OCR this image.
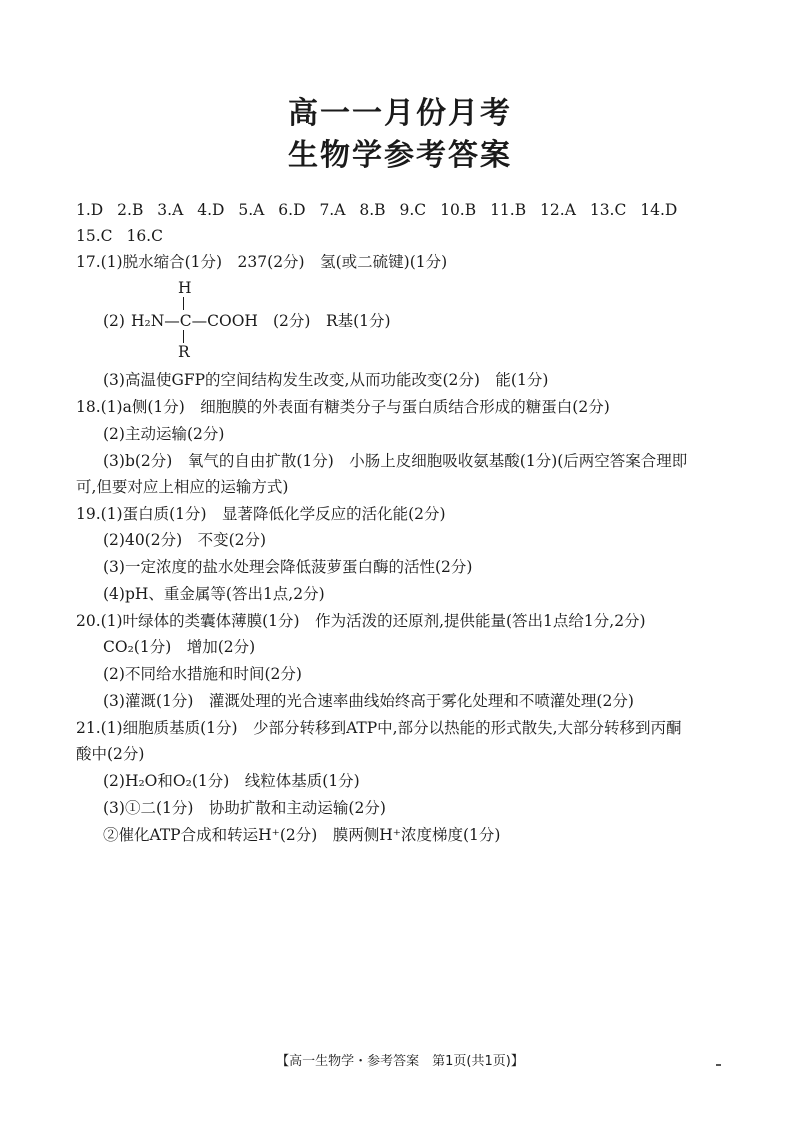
高一一月份月考
生物学参考答案
1.D 2.B 3.A 4.D 5.A 6.D 7.A 8.B 9.C 10.B 11.B 12.A 13.C 14.D
15.C 16.C
17.(1)脱水缩合(1分)　237(2分)　氢(或二硫键)(1分)
H
(2) H₂N—C—COOH (2分)　R基(1分)
R
(3)高温使GFP的空间结构发生改变,从而功能改变(2分)　能(1分)
18.(1)a侧(1分)　细胞膜的外表面有糖类分子与蛋白质结合形成的糖蛋白(2分)
(2)主动运输(2分)
(3)b(2分)　氧气的自由扩散(1分)　小肠上皮细胞吸收氨基酸(1分)(后两空答案合理即
可,但要对应上相应的运输方式)
19.(1)蛋白质(1分)　显著降低化学反应的活化能(2分)
(2)40(2分)　不变(2分)
(3)一定浓度的盐水处理会降低菠萝蛋白酶的活性(2分)
(4)pH、重金属等(答出1点,2分)
20.(1)叶绿体的类囊体薄膜(1分)　作为活泼的还原剂,提供能量(答出1点给1分,2分)
CO₂(1分)　增加(2分)
(2)不同给水措施和时间(2分)
(3)灌溉(1分)　灌溉处理的光合速率曲线始终高于雾化处理和不喷灌处理(2分)
21.(1)细胞质基质(1分)　少部分转移到ATP中,部分以热能的形式散失,大部分转移到丙酮
酸中(2分)
(2)H₂O和O₂(1分)　线粒体基质(1分)
(3)①二(1分)　协助扩散和主动运输(2分)
②催化ATP合成和转运H⁺(2分)　膜两侧H⁺浓度梯度(1分)
【高一生物学・参考答案　第1页(共1页)】
